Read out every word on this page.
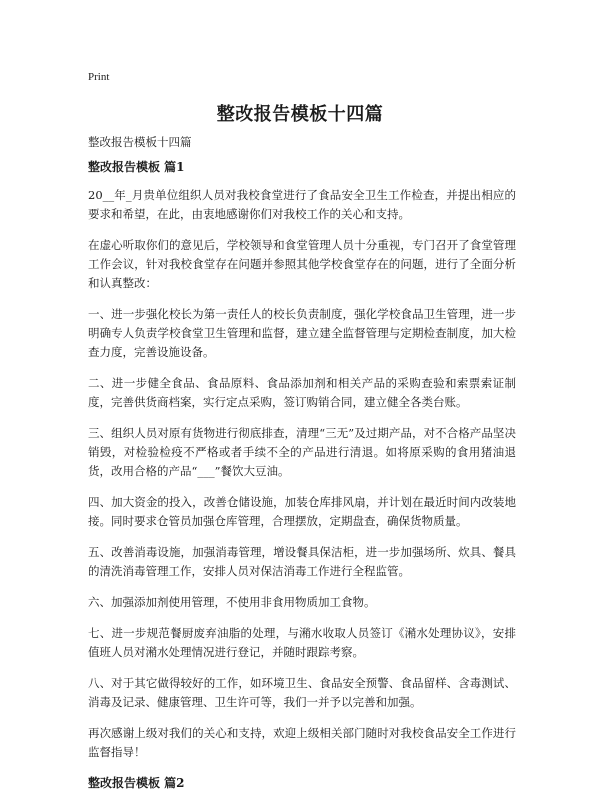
Print
整改报告模板十四篇

整改报告模板十四篇

整改报告模板 篇1

20__年_月贵单位组织人员对我校食堂进行了食品安全卫生工作检查，并提出相应的要求和希望，在此，由衷地感谢你们对我校工作的关心和支持。

在虚心听取你们的意见后，学校领导和食堂管理人员十分重视，专门召开了食堂管理工作会议，针对我校食堂存在问题并参照其他学校食堂存在的问题，进行了全面分析和认真整改：

一、进一步强化校长为第一责任人的校长负责制度，强化学校食品卫生管理，进一步明确专人负责学校食堂卫生管理和监督，建立建全监督管理与定期检查制度，加大检查力度，完善设施设备。

二、进一步健全食品、食品原料、食品添加剂和相关产品的采购查验和索票索证制度，完善供货商档案，实行定点采购，签订购销合同，建立健全各类台账。

三、组织人员对原有货物进行彻底排查，清理“三无”及过期产品，对不合格产品坚决销毁，对检验检疫不严格或者手续不全的产品进行清退。如将原采购的食用猪油退货，改用合格的产品“___”餐饮大豆油。

四、加大资金的投入，改善仓储设施，加装仓库排风扇，并计划在最近时间内改装地接。同时要求仓管员加强仓库管理，合理摆放，定期盘查，确保货物质量。

五、改善消毒设施，加强消毒管理，增设餐具保洁柜，进一步加强场所、炊具、餐具的清洗消毒管理工作，安排人员对保洁消毒工作进行全程监管。

六、加强添加剂使用管理，不使用非食用物质加工食物。

七、进一步规范餐厨废弃油脂的处理，与潲水收取人员签订《潲水处理协议》，安排值班人员对潲水处理情况进行登记，并随时跟踪考察。

八、对于其它做得较好的工作，如环境卫生、食品安全预警、食品留样、含毒测试、消毒及记录、健康管理、卫生许可等，我们一并予以完善和加强。

再次感谢上级对我们的关心和支持，欢迎上级相关部门随时对我校食品安全工作进行监督指导！

整改报告模板 篇2
